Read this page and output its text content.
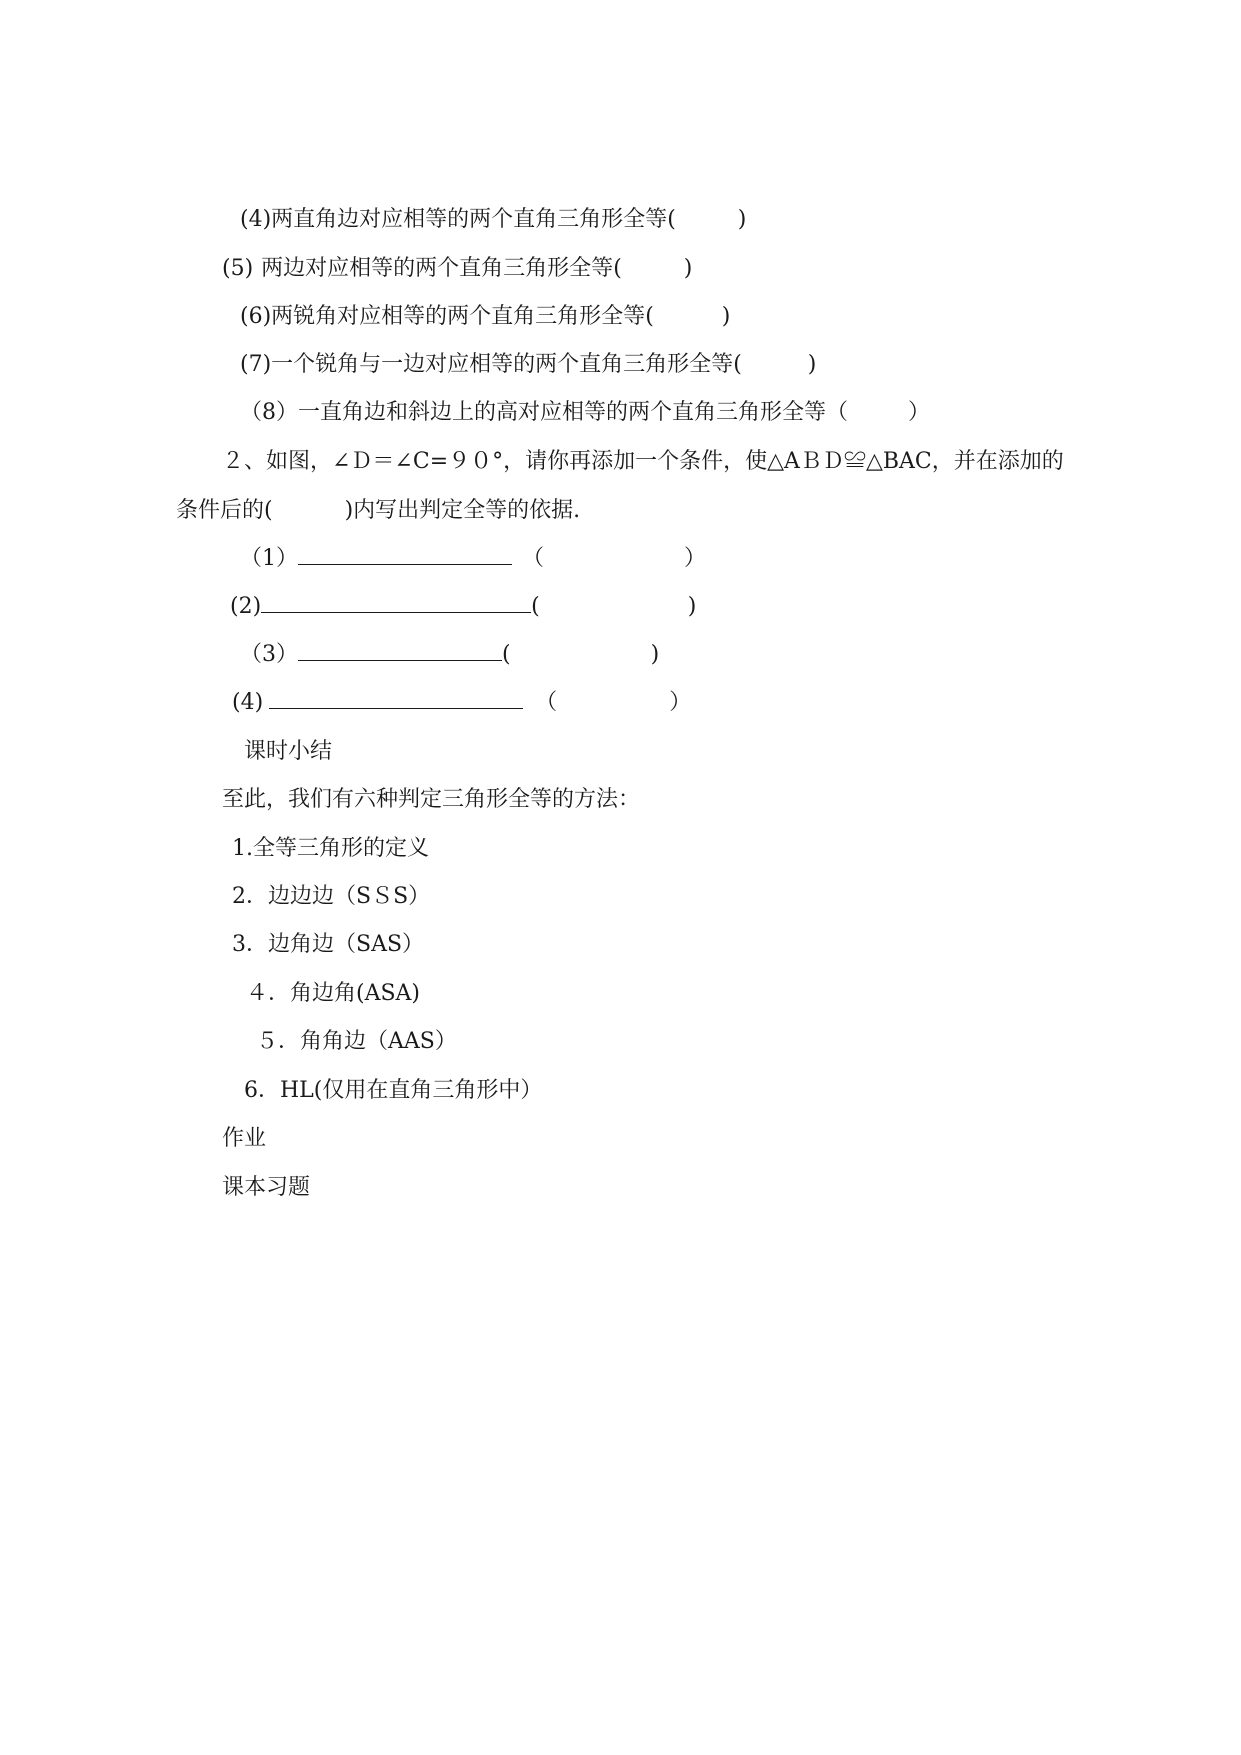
(4)两直角边对应相等的两个直角三角形全等(	)
(5) 两边对应相等的两个直角三角形全等(	)
(6)两锐角对应相等的两个直角三角形全等(	)
(7)一个锐角与一边对应相等的两个直角三角形全等(	)
（8）一直角边和斜边上的高对应相等的两个直角三角形全等（	）
２、如图，∠Ｄ＝∠C=９０°，请你再添加一个条件，使△AＢＤ≌△BAC，并在添加的
条件后的(	)内写出判定全等的依据.
（1）	（	）
(2)	(	)
（3）	(	)
(4)	（	）
课时小结
至此，我们有六种判定三角形全等的方法：
1.全等三角形的定义
2．边边边（SＳS）
3．边角边（SAS）
４．角边角(ASA)
５．角角边（AAS）
6．HL(仅用在直角三角形中）
作业
课本习题
